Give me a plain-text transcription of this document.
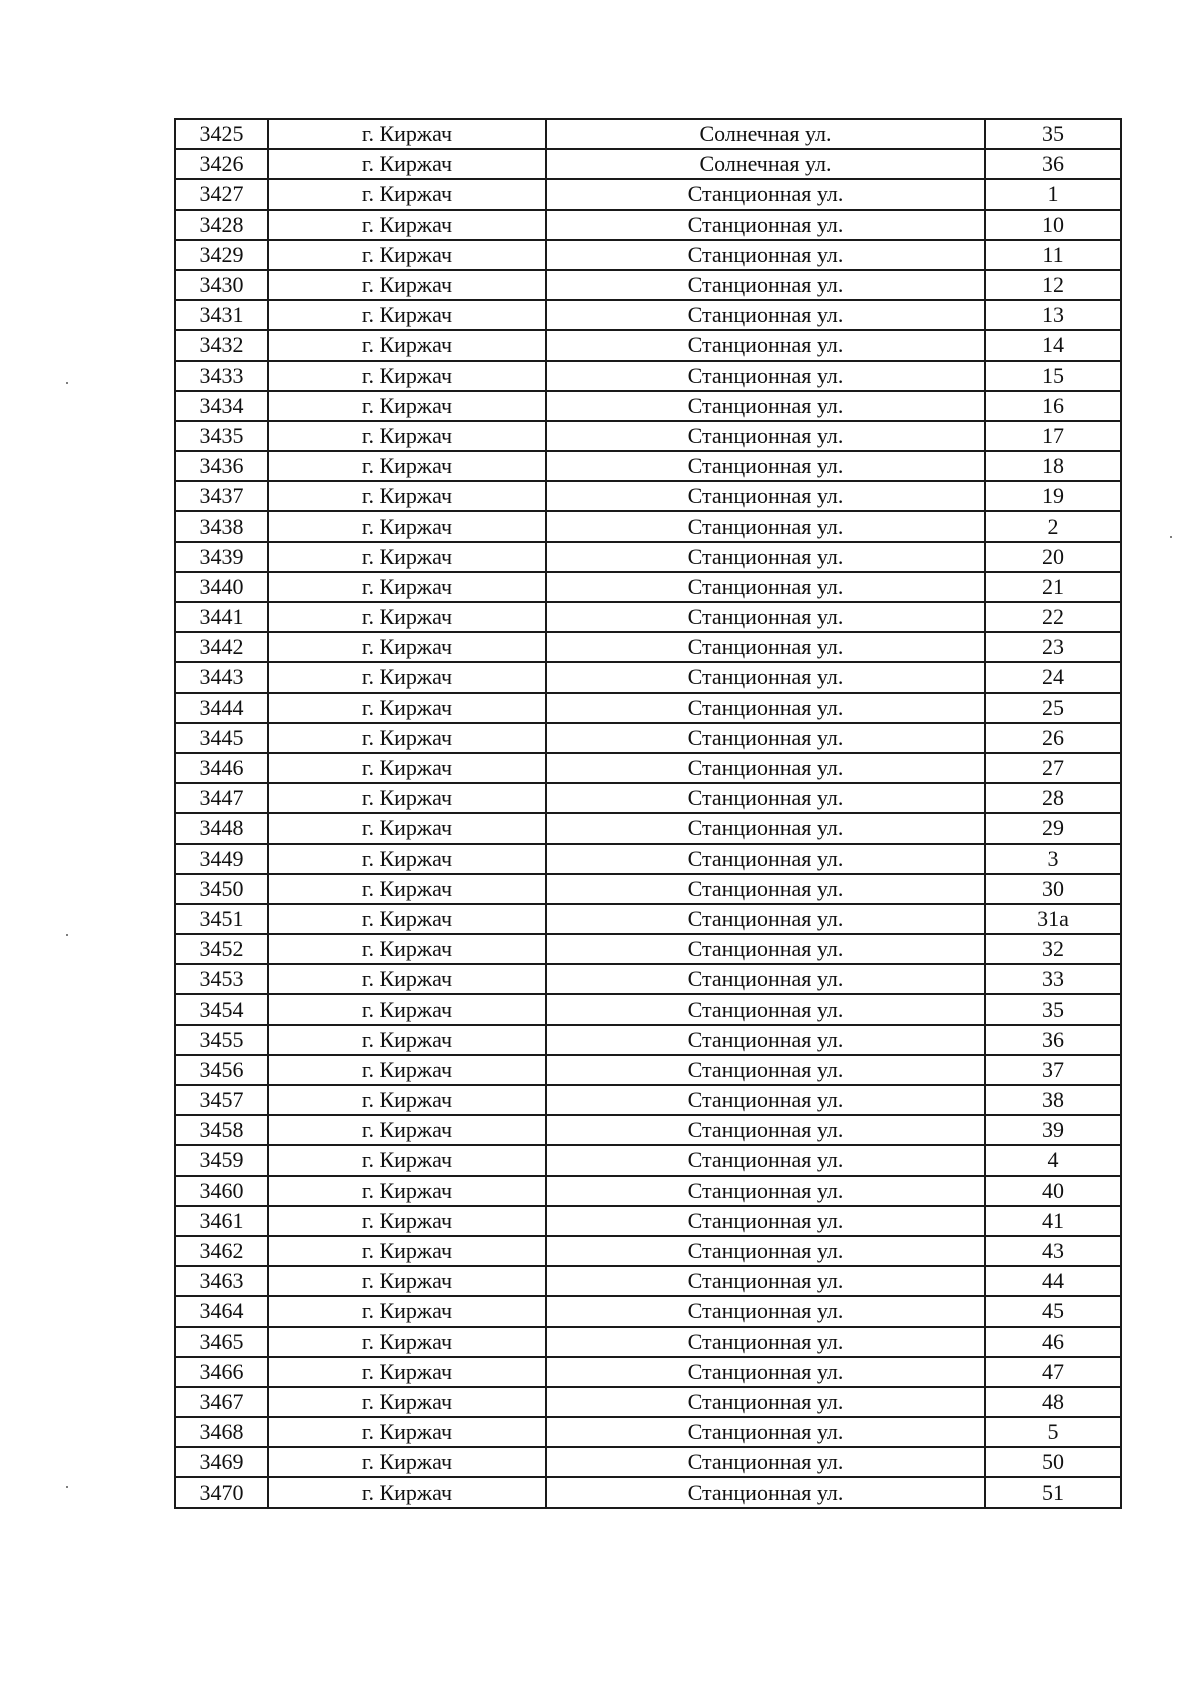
3425	г. Киржач	Солнечная ул.	35
3426	г. Киржач	Солнечная ул.	36
3427	г. Киржач	Станционная ул.	1
3428	г. Киржач	Станционная ул.	10
3429	г. Киржач	Станционная ул.	11
3430	г. Киржач	Станционная ул.	12
3431	г. Киржач	Станционная ул.	13
3432	г. Киржач	Станционная ул.	14
3433	г. Киржач	Станционная ул.	15
3434	г. Киржач	Станционная ул.	16
3435	г. Киржач	Станционная ул.	17
3436	г. Киржач	Станционная ул.	18
3437	г. Киржач	Станционная ул.	19
3438	г. Киржач	Станционная ул.	2
3439	г. Киржач	Станционная ул.	20
3440	г. Киржач	Станционная ул.	21
3441	г. Киржач	Станционная ул.	22
3442	г. Киржач	Станционная ул.	23
3443	г. Киржач	Станционная ул.	24
3444	г. Киржач	Станционная ул.	25
3445	г. Киржач	Станционная ул.	26
3446	г. Киржач	Станционная ул.	27
3447	г. Киржач	Станционная ул.	28
3448	г. Киржач	Станционная ул.	29
3449	г. Киржач	Станционная ул.	3
3450	г. Киржач	Станционная ул.	30
3451	г. Киржач	Станционная ул.	31а
3452	г. Киржач	Станционная ул.	32
3453	г. Киржач	Станционная ул.	33
3454	г. Киржач	Станционная ул.	35
3455	г. Киржач	Станционная ул.	36
3456	г. Киржач	Станционная ул.	37
3457	г. Киржач	Станционная ул.	38
3458	г. Киржач	Станционная ул.	39
3459	г. Киржач	Станционная ул.	4
3460	г. Киржач	Станционная ул.	40
3461	г. Киржач	Станционная ул.	41
3462	г. Киржач	Станционная ул.	43
3463	г. Киржач	Станционная ул.	44
3464	г. Киржач	Станционная ул.	45
3465	г. Киржач	Станционная ул.	46
3466	г. Киржач	Станционная ул.	47
3467	г. Киржач	Станционная ул.	48
3468	г. Киржач	Станционная ул.	5
3469	г. Киржач	Станционная ул.	50
3470	г. Киржач	Станционная ул.	51
